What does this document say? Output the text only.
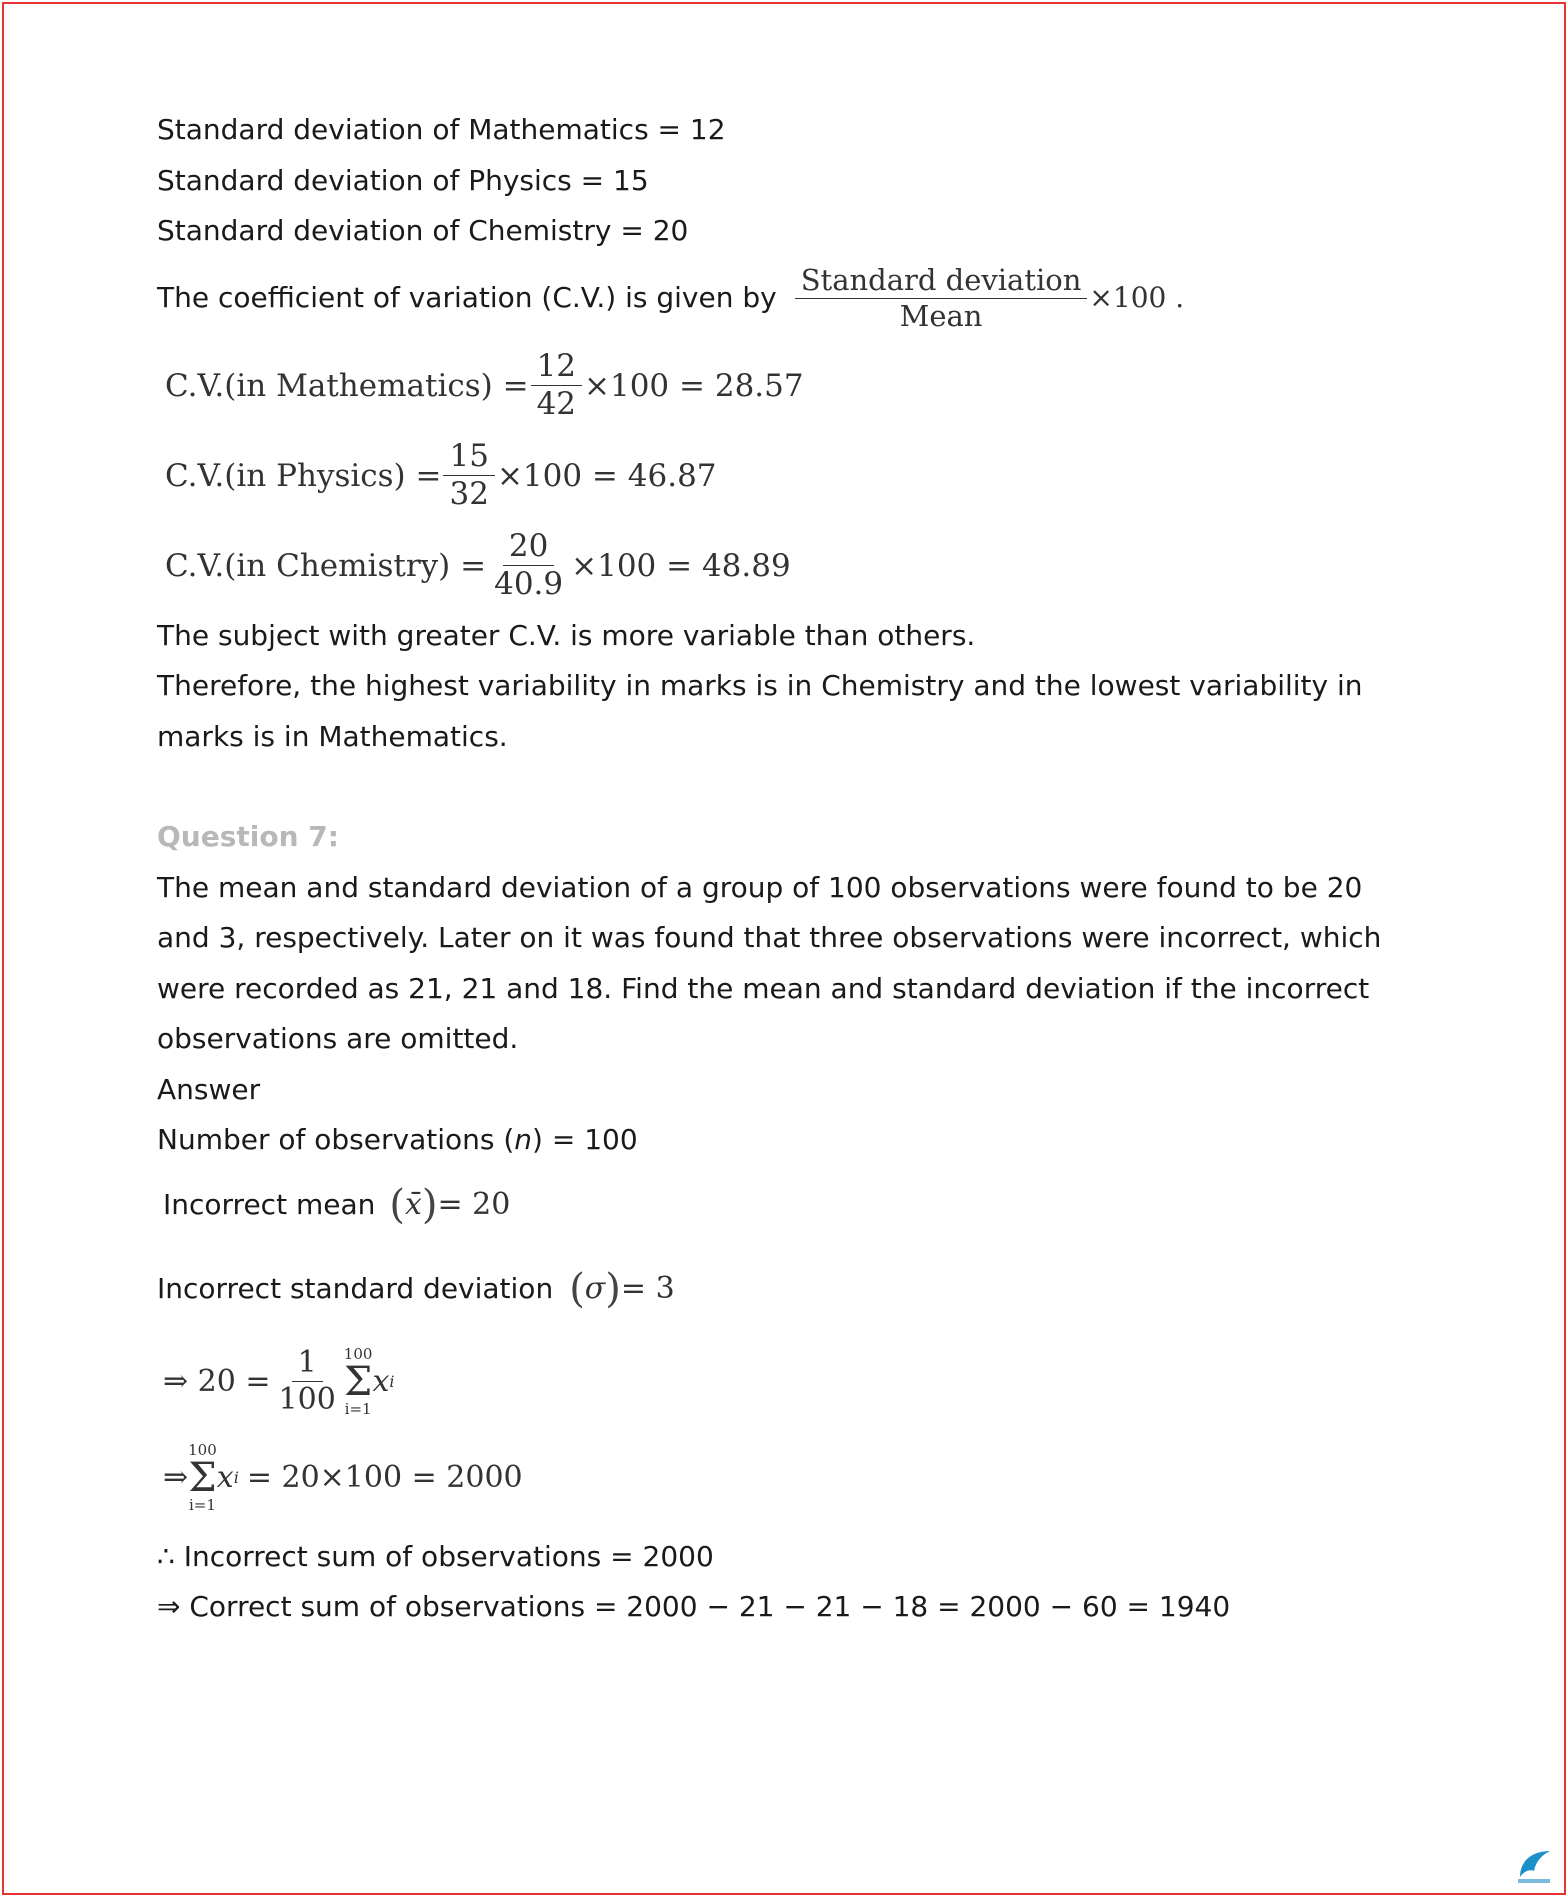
Standard deviation of Mathematics = 12
Standard deviation of Physics = 15
Standard deviation of Chemistry = 20
The coefficient of variation (C.V.) is given by $\frac{\text{Standard deviation}}{\text{Mean}} \times 100$ .
C.V.(in Mathematics) = $\frac{12}{42} \times 100 = 28.57$
C.V.(in Physics) = $\frac{15}{32} \times 100 = 46.87$
C.V.(in Chemistry) = $\frac{20}{40.9} \times 100 = 48.89$
The subject with greater C.V. is more variable than others.
Therefore, the highest variability in marks is in Chemistry and the lowest variability in
marks is in Mathematics.
Question 7:
The mean and standard deviation of a group of 100 observations were found to be 20
and 3, respectively. Later on it was found that three observations were incorrect, which
were recorded as 21, 21 and 18. Find the mean and standard deviation if the incorrect
observations are omitted.
Answer
Number of observations (n) = 100
Incorrect mean ( x̄ ) = 20
Incorrect standard deviation ( σ ) = 3
⇒ $20 = \frac{1}{100} 100$
Σ
i=1
x i
⇒
100
Σ
i=1
x i = 20×100 = 2000
∴ Incorrect sum of observations = 2000
⇒ Correct sum of observations = 2000 − 21 − 21 − 18 = 2000 − 60 = 1940
